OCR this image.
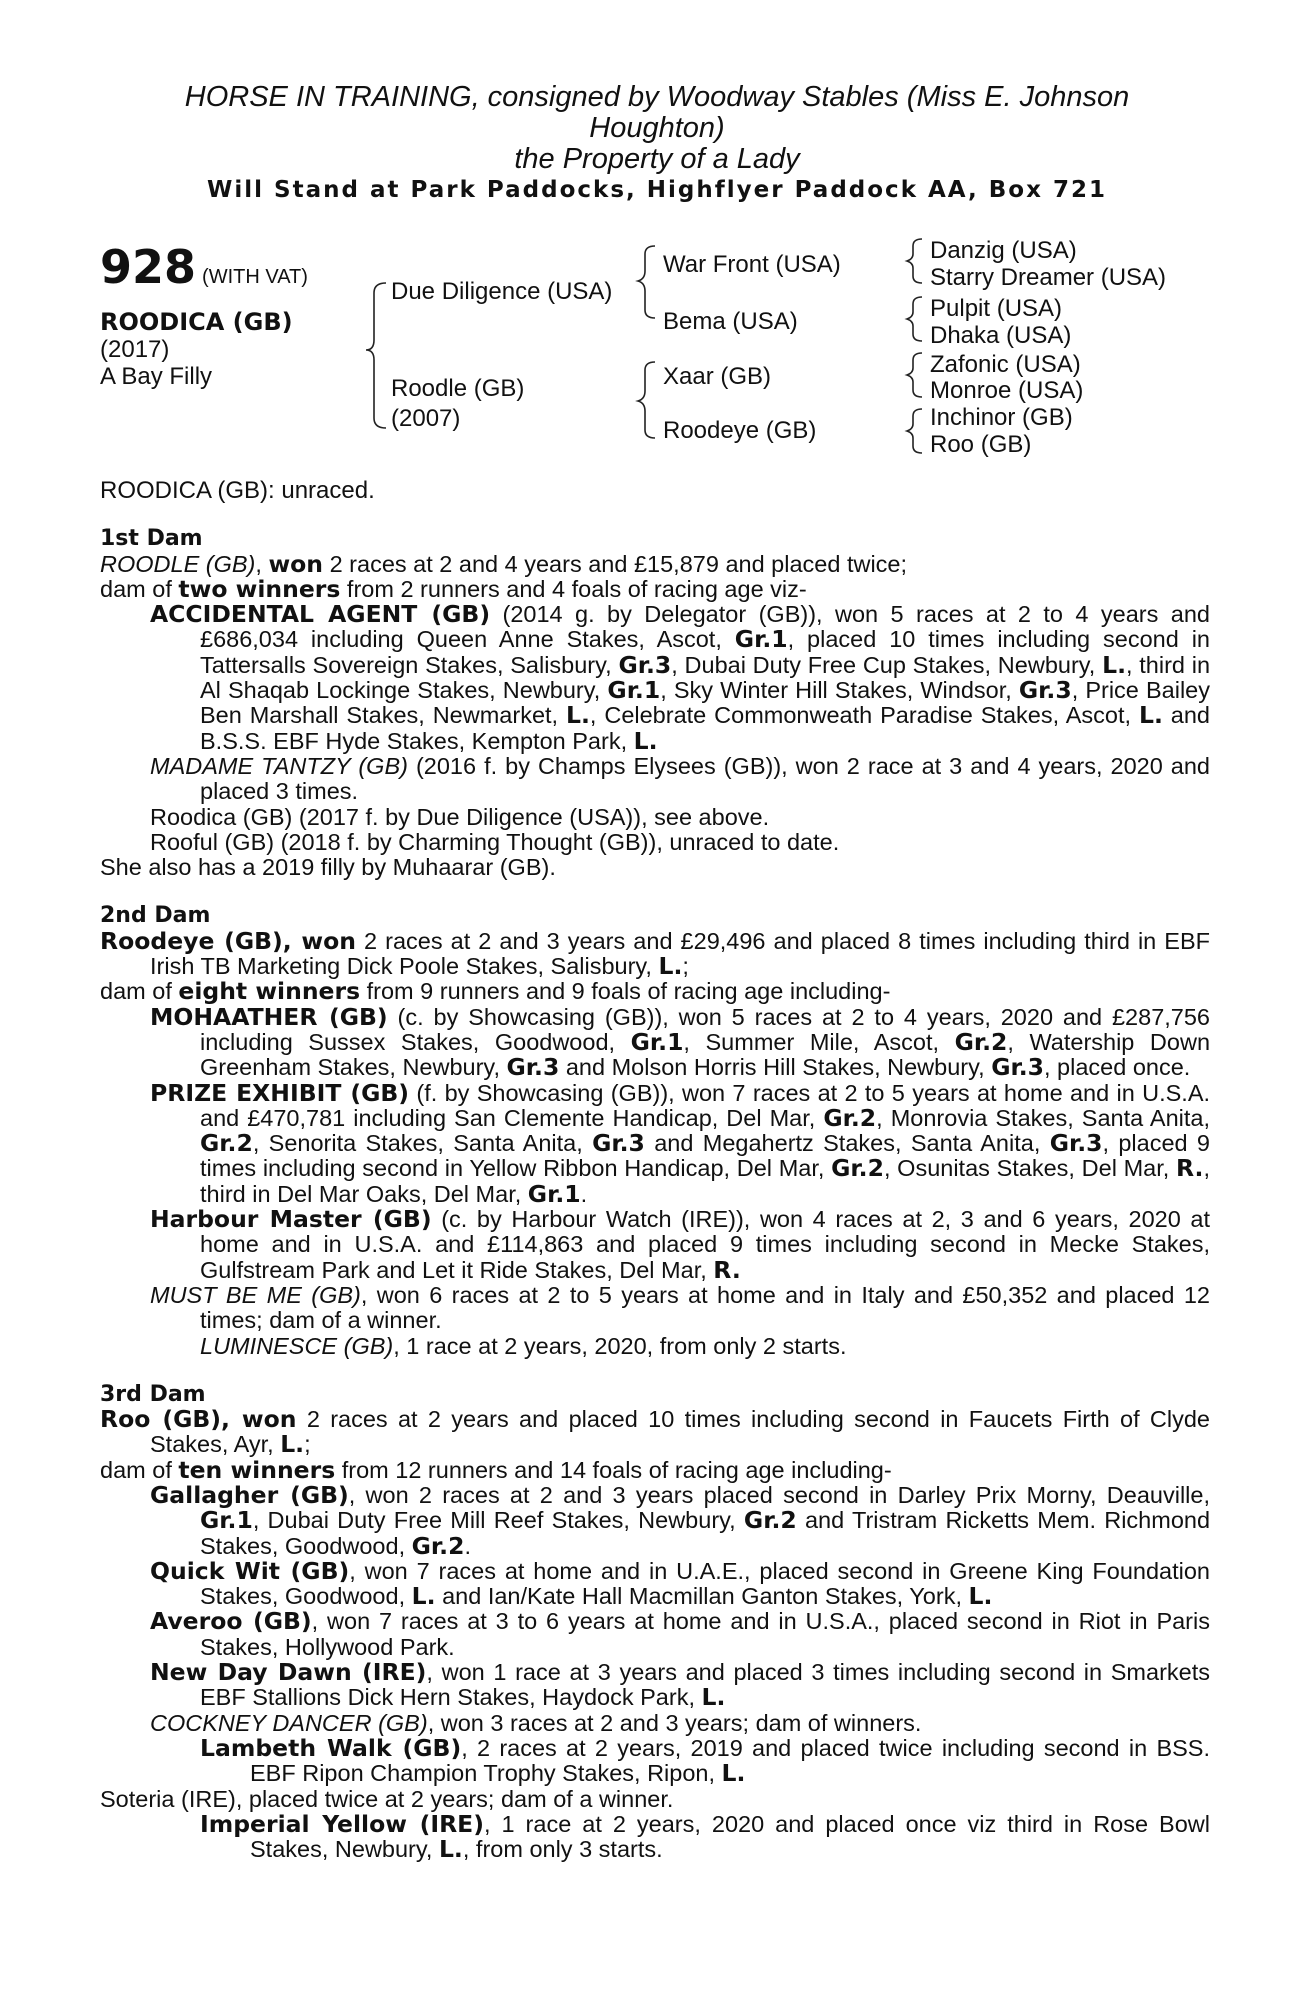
HORSE IN TRAINING, consigned by Woodway Stables (Miss E. Johnson
Houghton)
the Property of a Lady
Will Stand at Park Paddocks, Highflyer Paddock AA, Box 721
928 (WITH VAT)
ROODICA (GB)
(2017)
A Bay Filly
Due Diligence (USA)
Roodle (GB)
(2007)
War Front (USA)
Bema (USA)
Xaar (GB)
Roodeye (GB)
Danzig (USA)
Starry Dreamer (USA)
Pulpit (USA)
Dhaka (USA)
Zafonic (USA)
Monroe (USA)
Inchinor (GB)
Roo (GB)

ROODICA (GB): unraced.

1st Dam

ROODLE (GB), won 2 races at 2 and 4 years and £15,879 and placed twice;

dam of two winners from 2 runners and 4 foals of racing age viz-

ACCIDENTAL AGENT (GB) (2014 g. by Delegator (GB)), won 5 races at 2 to 4 years and £686,034 including Queen Anne Stakes, Ascot, Gr.1, placed 10 times including second in Tattersalls Sovereign Stakes, Salisbury, Gr.3, Dubai Duty Free Cup Stakes, Newbury, L., third in Al Shaqab Lockinge Stakes, Newbury, Gr.1, Sky Winter Hill Stakes, Windsor, Gr.3, Price Bailey Ben Marshall Stakes, Newmarket, L., Celebrate Commonweath Paradise Stakes, Ascot, L. and B.S.S. EBF Hyde Stakes, Kempton Park, L.

MADAME TANTZY (GB) (2016 f. by Champs Elysees (GB)), won 2 race at 3 and 4 years, 2020 and placed 3 times.

Roodica (GB) (2017 f. by Due Diligence (USA)), see above.

Rooful (GB) (2018 f. by Charming Thought (GB)), unraced to date.

She also has a 2019 filly by Muhaarar (GB).

2nd Dam

Roodeye (GB), won 2 races at 2 and 3 years and £29,496 and placed 8 times including third in EBF Irish TB Marketing Dick Poole Stakes, Salisbury, L.;

dam of eight winners from 9 runners and 9 foals of racing age including-

MOHAATHER (GB) (c. by Showcasing (GB)), won 5 races at 2 to 4 years, 2020 and £287,756 including Sussex Stakes, Goodwood, Gr.1, Summer Mile, Ascot, Gr.2, Watership Down Greenham Stakes, Newbury, Gr.3 and Molson Horris Hill Stakes, Newbury, Gr.3, placed once.

PRIZE EXHIBIT (GB) (f. by Showcasing (GB)), won 7 races at 2 to 5 years at home and in U.S.A. and £470,781 including San Clemente Handicap, Del Mar, Gr.2, Monrovia Stakes, Santa Anita, Gr.2, Senorita Stakes, Santa Anita, Gr.3 and Megahertz Stakes, Santa Anita, Gr.3, placed 9 times including second in Yellow Ribbon Handicap, Del Mar, Gr.2, Osunitas Stakes, Del Mar, R., third in Del Mar Oaks, Del Mar, Gr.1.

Harbour Master (GB) (c. by Harbour Watch (IRE)), won 4 races at 2, 3 and 6 years, 2020 at home and in U.S.A. and £114,863 and placed 9 times including second in Mecke Stakes, Gulfstream Park and Let it Ride Stakes, Del Mar, R.

MUST BE ME (GB), won 6 races at 2 to 5 years at home and in Italy and £50,352 and placed 12 times; dam of a winner.

LUMINESCE (GB), 1 race at 2 years, 2020, from only 2 starts.

3rd Dam

Roo (GB), won 2 races at 2 years and placed 10 times including second in Faucets Firth of Clyde Stakes, Ayr, L.;

dam of ten winners from 12 runners and 14 foals of racing age including-

Gallagher (GB), won 2 races at 2 and 3 years placed second in Darley Prix Morny, Deauville, Gr.1, Dubai Duty Free Mill Reef Stakes, Newbury, Gr.2 and Tristram Ricketts Mem. Richmond Stakes, Goodwood, Gr.2.

Quick Wit (GB), won 7 races at home and in U.A.E., placed second in Greene King Foundation Stakes, Goodwood, L. and Ian/Kate Hall Macmillan Ganton Stakes, York, L.

Averoo (GB), won 7 races at 3 to 6 years at home and in U.S.A., placed second in Riot in Paris Stakes, Hollywood Park.

New Day Dawn (IRE), won 1 race at 3 years and placed 3 times including second in Smarkets EBF Stallions Dick Hern Stakes, Haydock Park, L.

COCKNEY DANCER (GB), won 3 races at 2 and 3 years; dam of winners.

Lambeth Walk (GB), 2 races at 2 years, 2019 and placed twice including second in BSS. EBF Ripon Champion Trophy Stakes, Ripon, L.

Soteria (IRE), placed twice at 2 years; dam of a winner.

Imperial Yellow (IRE), 1 race at 2 years, 2020 and placed once viz third in Rose Bowl Stakes, Newbury, L., from only 3 starts.
